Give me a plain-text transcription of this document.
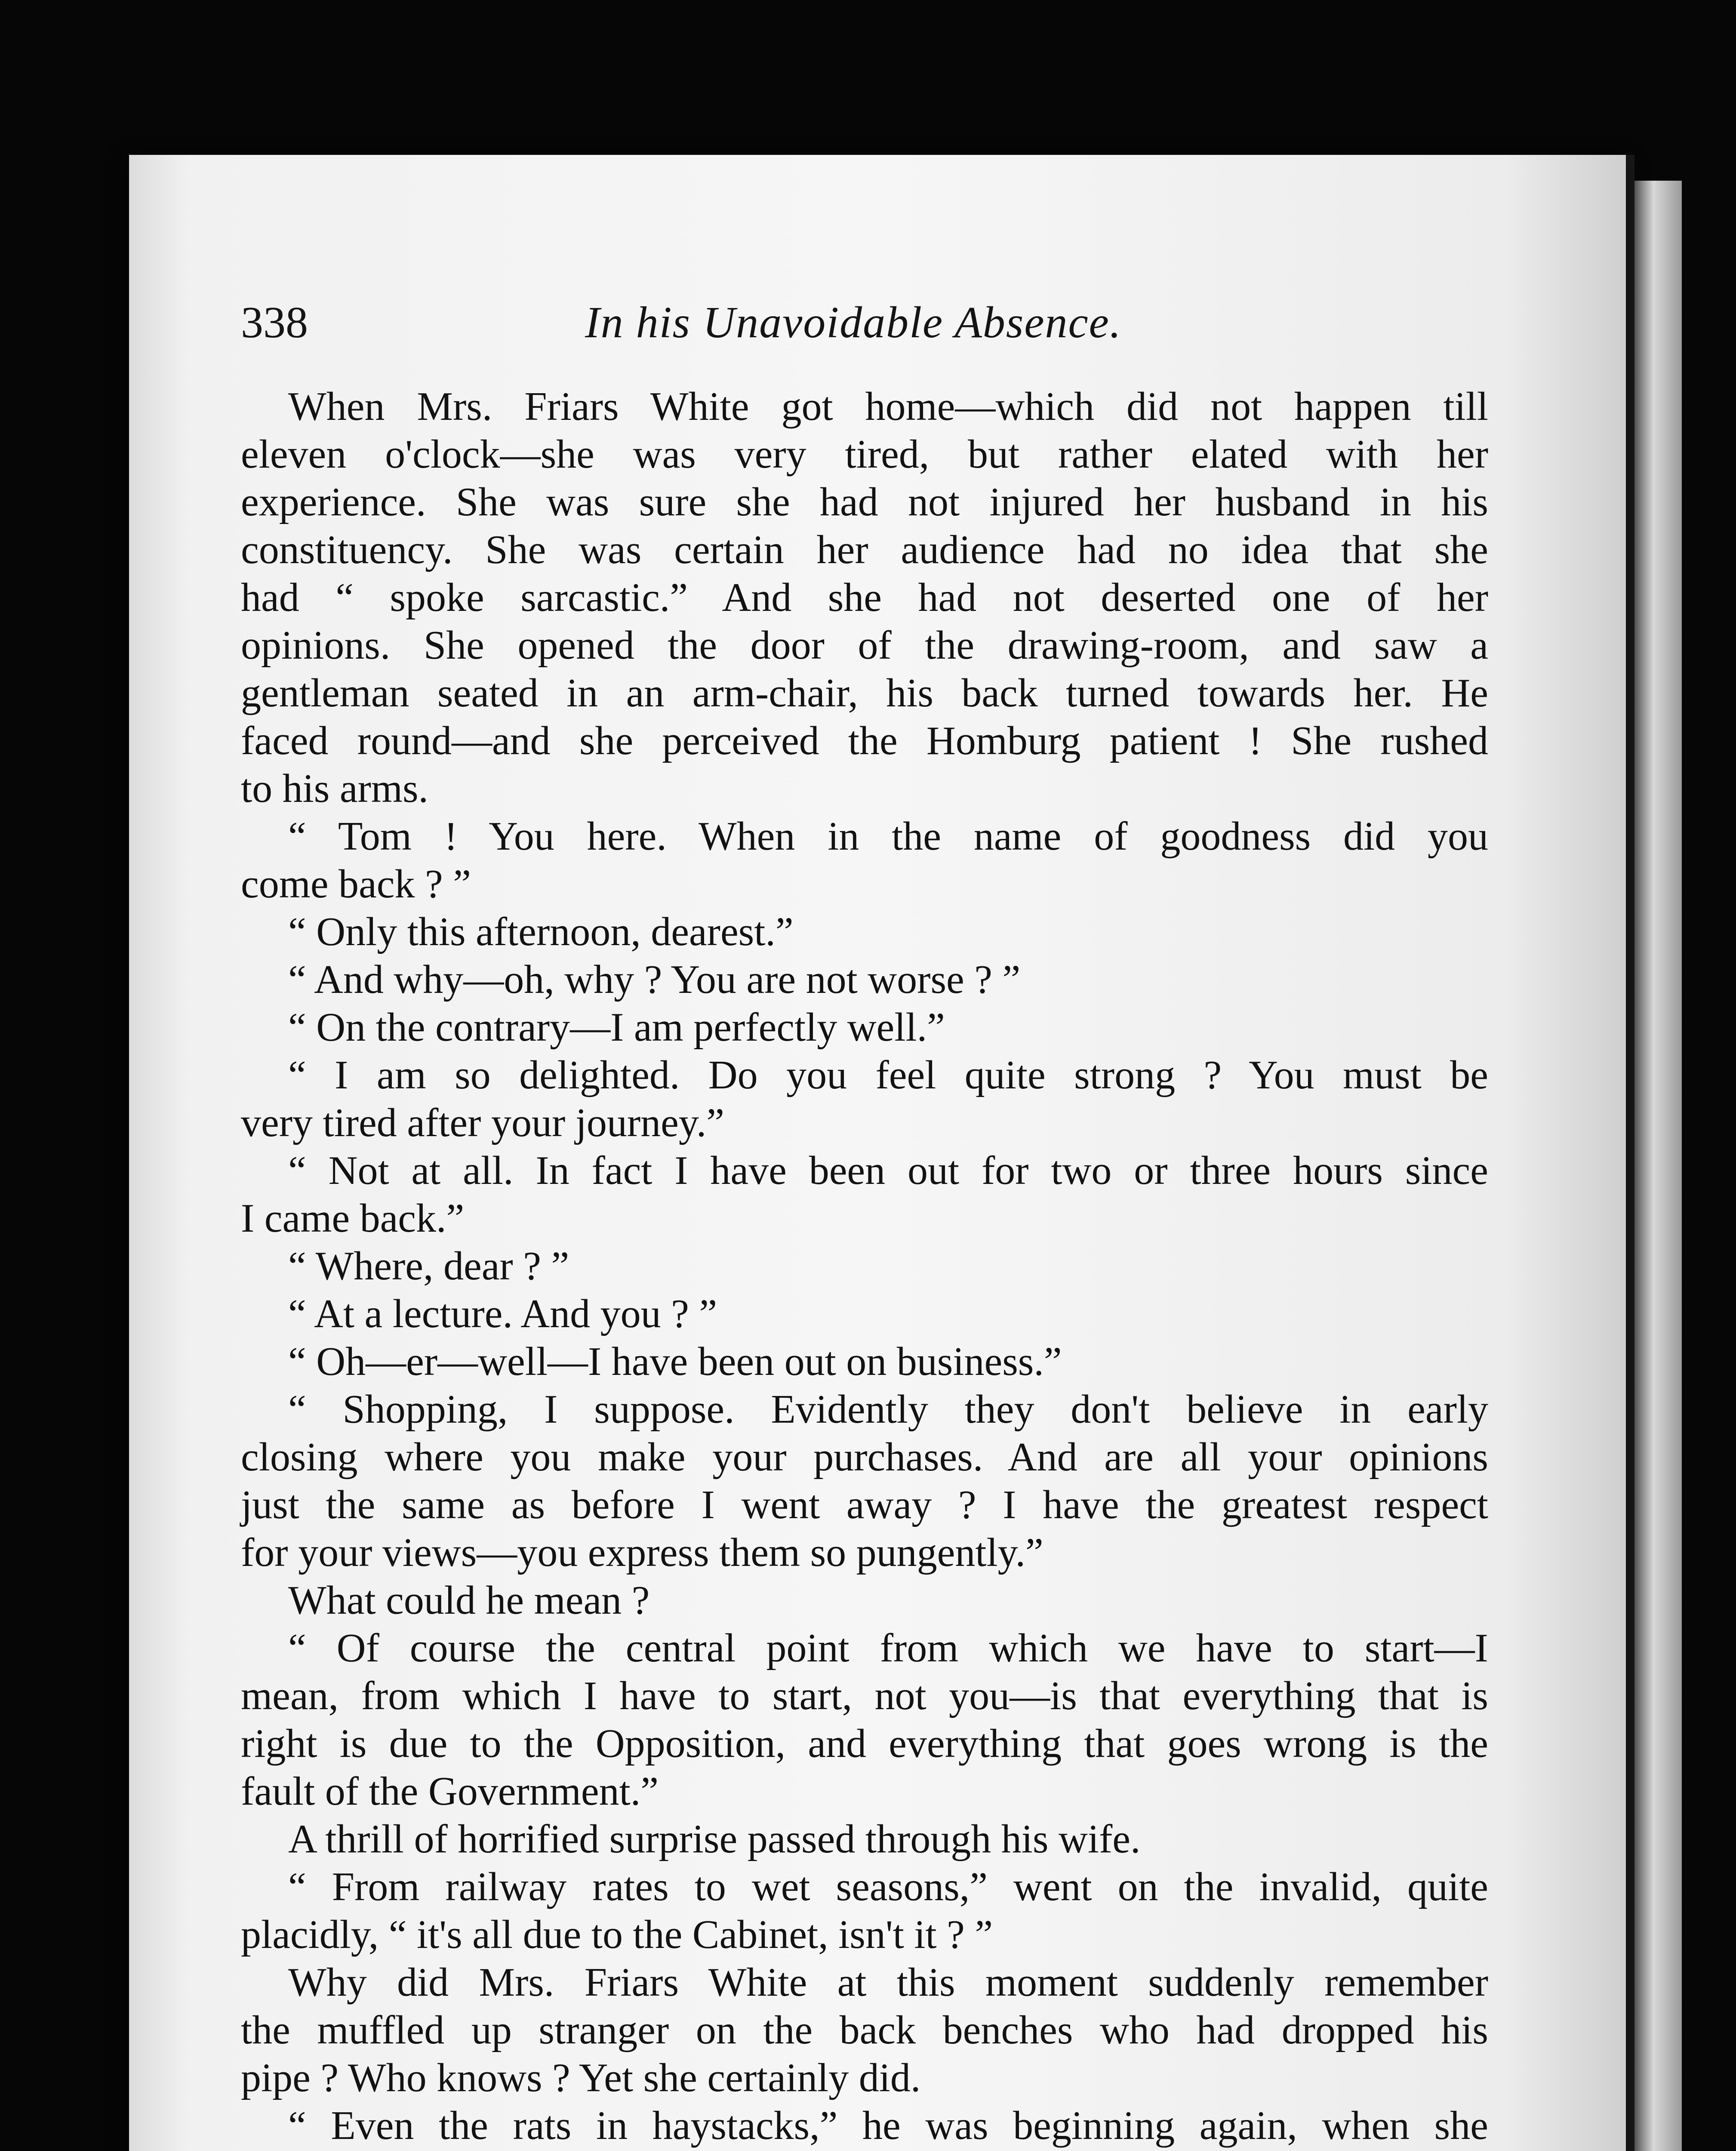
338	In his Unavoidable Absence.
When Mrs. Friars White got home—which did not happen till
eleven o'clock—she was very tired, but rather elated with her
experience. She was sure she had not injured her husband in his
constituency. She was certain her audience had no idea that she
had “ spoke sarcastic.” And she had not deserted one of her
opinions. She opened the door of the drawing-room, and saw a
gentleman seated in an arm-chair, his back turned towards her. He
faced round—and she perceived the Homburg patient ! She rushed
to his arms.
“ Tom ! You here. When in the name of goodness did you
come back ? ”
“ Only this afternoon, dearest.”
“ And why—oh, why ? You are not worse ? ”
“ On the contrary—I am perfectly well.”
“ I am so delighted. Do you feel quite strong ? You must be
very tired after your journey.”
“ Not at all. In fact I have been out for two or three hours since
I came back.”
“ Where, dear ? ”
“ At a lecture. And you ? ”
“ Oh—er—well—I have been out on business.”
“ Shopping, I suppose. Evidently they don't believe in early
closing where you make your purchases. And are all your opinions
just the same as before I went away ? I have the greatest respect
for your views—you express them so pungently.”
What could he mean ?
“ Of course the central point from which we have to start—I
mean, from which I have to start, not you—is that everything that is
right is due to the Opposition, and everything that goes wrong is the
fault of the Government.”
A thrill of horrified surprise passed through his wife.
“ From railway rates to wet seasons,” went on the invalid, quite
placidly, “ it's all due to the Cabinet, isn't it ? ”
Why did Mrs. Friars White at this moment suddenly remember
the muffled up stranger on the back benches who had dropped his
pipe ? Who knows ? Yet she certainly did.
“ Even the rats in haystacks,” he was beginning again, when she
